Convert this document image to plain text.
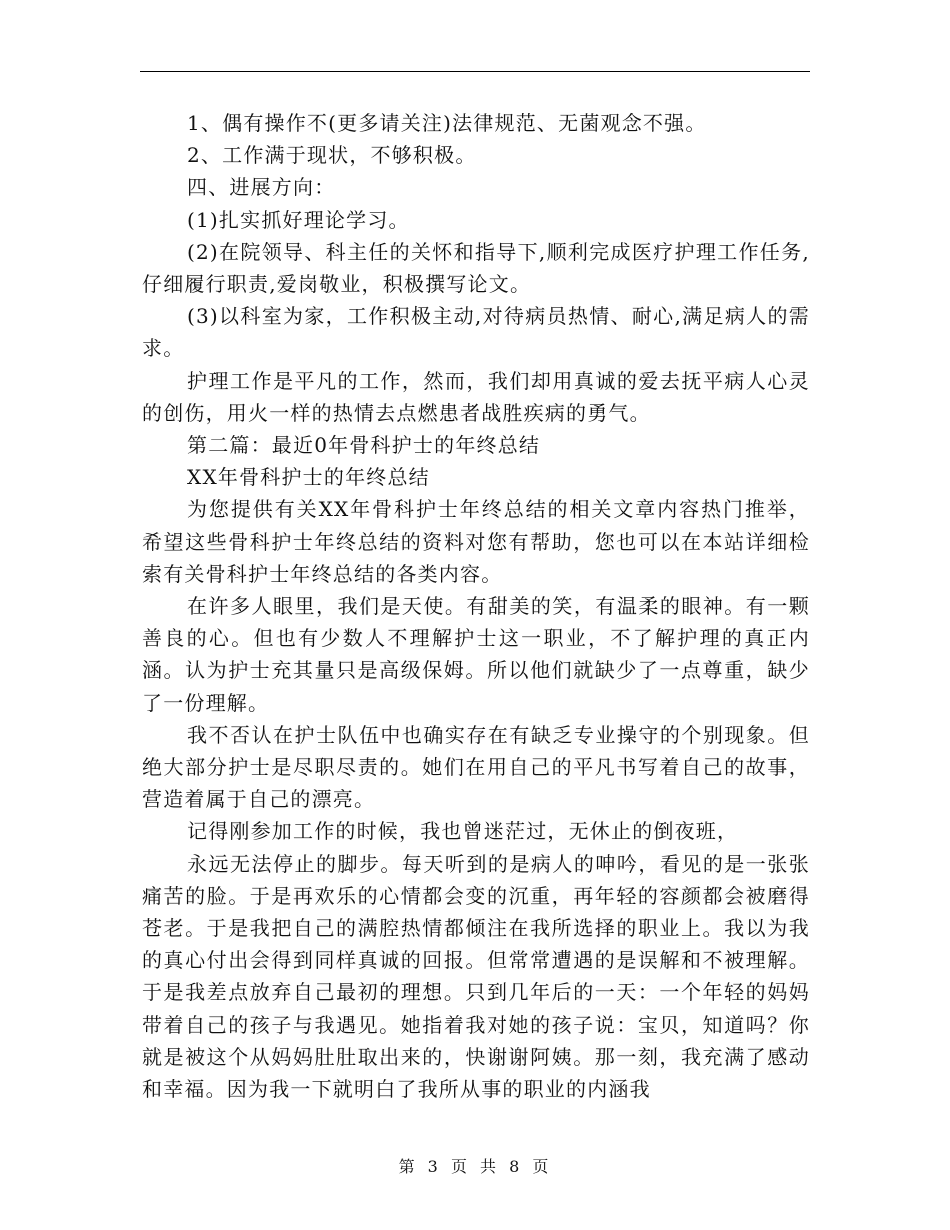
1、偶有操作不(更多请关注)法律规范、无菌观念不强。

2、工作满于现状，不够积极。

四、进展方向：

(1)扎实抓好理论学习。

(2)在院领导、科主任的关怀和指导下,顺利完成医疗护理工作任务,仔细履行职责,爱岗敬业，积极撰写论文。

(3)以科室为家，工作积极主动,对待病员热情、耐心,满足病人的需求。

护理工作是平凡的工作，然而，我们却用真诚的爱去抚平病人心灵的创伤，用火一样的热情去点燃患者战胜疾病的勇气。

第二篇：最近0年骨科护士的年终总结

XX年骨科护士的年终总结

为您提供有关XX年骨科护士年终总结的相关文章内容热门推举，希望这些骨科护士年终总结的资料对您有帮助，您也可以在本站详细检索有关骨科护士年终总结的各类内容。

在许多人眼里，我们是天使。有甜美的笑，有温柔的眼神。有一颗善良的心。但也有少数人不理解护士这一职业，不了解护理的真正内涵。认为护士充其量只是高级保姆。所以他们就缺少了一点尊重，缺少了一份理解。

我不否认在护士队伍中也确实存在有缺乏专业操守的个别现象。但绝大部分护士是尽职尽责的。她们在用自己的平凡书写着自己的故事，营造着属于自己的漂亮。

记得刚参加工作的时候，我也曾迷茫过，无休止的倒夜班，

永远无法停止的脚步。每天听到的是病人的呻吟，看见的是一张张痛苦的脸。于是再欢乐的心情都会变的沉重，再年轻的容颜都会被磨得苍老。于是我把自己的满腔热情都倾注在我所选择的职业上。我以为我的真心付出会得到同样真诚的回报。但常常遭遇的是误解和不被理解。于是我差点放弃自己最初的理想。只到几年后的一天：一个年轻的妈妈带着自己的孩子与我遇见。她指着我对她的孩子说：宝贝，知道吗？你就是被这个从妈妈肚肚取出来的，快谢谢阿姨。那一刻，我充满了感动和幸福。因为我一下就明白了我所从事的职业的内涵我

第 3 页 共 8 页
